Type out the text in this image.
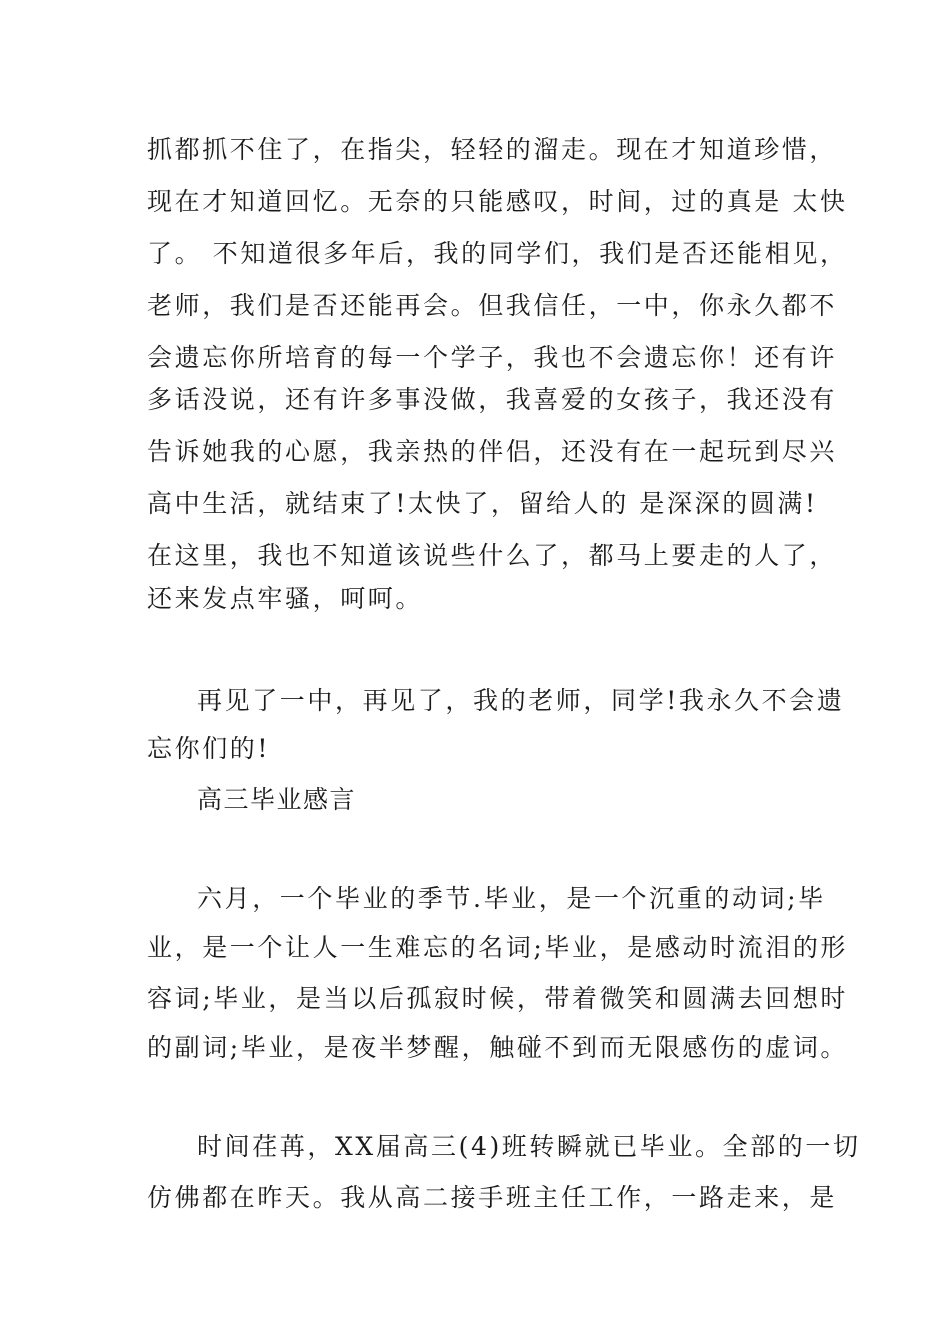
抓都抓不住了，在指尖，轻轻的溜走。现在才知道珍惜，
现在才知道回忆。无奈的只能感叹，时间，过的真是 太快
了。 不知道很多年后，我的同学们，我们是否还能相见，
老师，我们是否还能再会。但我信任，一中，你永久都不
会遗忘你所培育的每一个学子，我也不会遗忘你！还有许
多话没说，还有许多事没做，我喜爱的女孩子，我还没有
告诉她我的心愿，我亲热的伴侣，还没有在一起玩到尽兴
高中生活，就结束了!太快了，留给人的 是深深的圆满!
在这里，我也不知道该说些什么了，都马上要走的人了，
还来发点牢骚，呵呵。
再见了一中，再见了，我的老师，同学!我永久不会遗
忘你们的!
高三毕业感言
六月，一个毕业的季节.毕业，是一个沉重的动词;毕
业，是一个让人一生难忘的名词;毕业，是感动时流泪的形
容词;毕业，是当以后孤寂时候，带着微笑和圆满去回想时
的副词;毕业，是夜半梦醒，触碰不到而无限感伤的虚词。
时间荏苒，XX届高三(4)班转瞬就已毕业。全部的一切
仿佛都在昨天。我从高二接手班主任工作，一路走来，是
